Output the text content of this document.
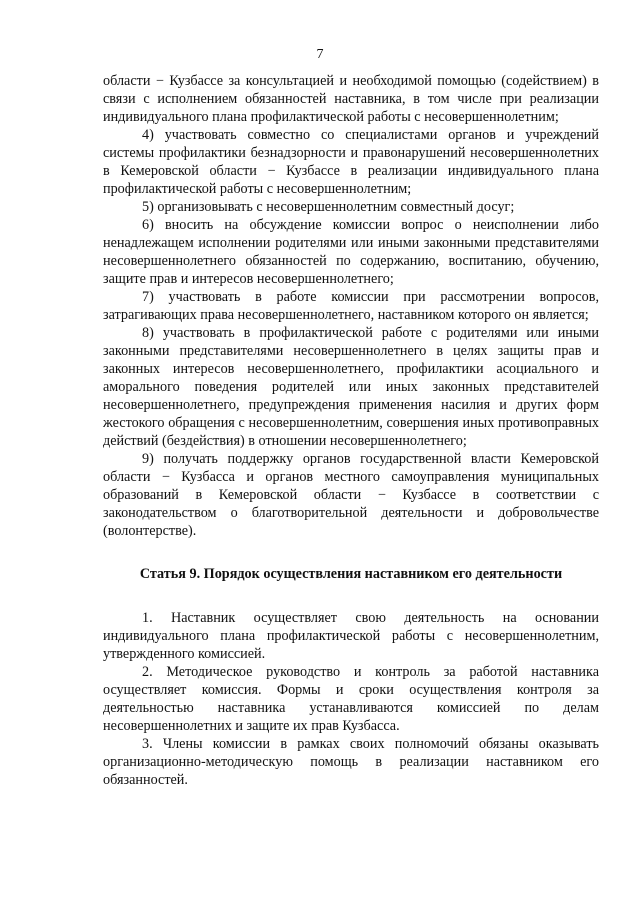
7

области − Кузбассе за консультацией и необходимой помощью (содействием) в связи с исполнением обязанностей наставника, в том числе при реализации индивидуального плана профилактической работы с несовершеннолетним;

4) участвовать совместно со специалистами органов и учреждений системы профилактики безнадзорности и правонарушений несовершеннолетних в Кемеровской области − Кузбассе в реализации индивидуального плана профилактической работы с несовершеннолетним;

5) организовывать с несовершеннолетним совместный досуг;

6) вносить на обсуждение комиссии вопрос о неисполнении либо ненадлежащем исполнении родителями или иными законными представителями несовершеннолетнего обязанностей по содержанию, воспитанию, обучению, защите прав и интересов несовершеннолетнего;

7) участвовать в работе комиссии при рассмотрении вопросов, затрагивающих права несовершеннолетнего, наставником которого он является;

8) участвовать в профилактической работе с родителями или иными законными представителями несовершеннолетнего в целях защиты прав и законных интересов несовершеннолетнего, профилактики асоциального и аморального поведения родителей или иных законных представителей несовершеннолетнего, предупреждения применения насилия и других форм жестокого обращения с несовершеннолетним, совершения иных противоправных действий (бездействия) в отношении несовершеннолетнего;

9) получать поддержку органов государственной власти Кемеровской области − Кузбасса и органов местного самоуправления муниципальных образований в Кемеровской области − Кузбассе в соответствии с законодательством о благотворительной деятельности и добровольчестве (волонтерстве).

Статья 9. Порядок осуществления наставником его деятельности

1. Наставник осуществляет свою деятельность на основании индивидуального плана профилактической работы с несовершеннолетним, утвержденного комиссией.

2. Методическое руководство и контроль за работой наставника осуществляет комиссия. Формы и сроки осуществления контроля за деятельностью наставника устанавливаются комиссией по делам несовершеннолетних и защите их прав Кузбасса.

3. Члены комиссии в рамках своих полномочий обязаны оказывать организационно-методическую помощь в реализации наставником его обязанностей.
